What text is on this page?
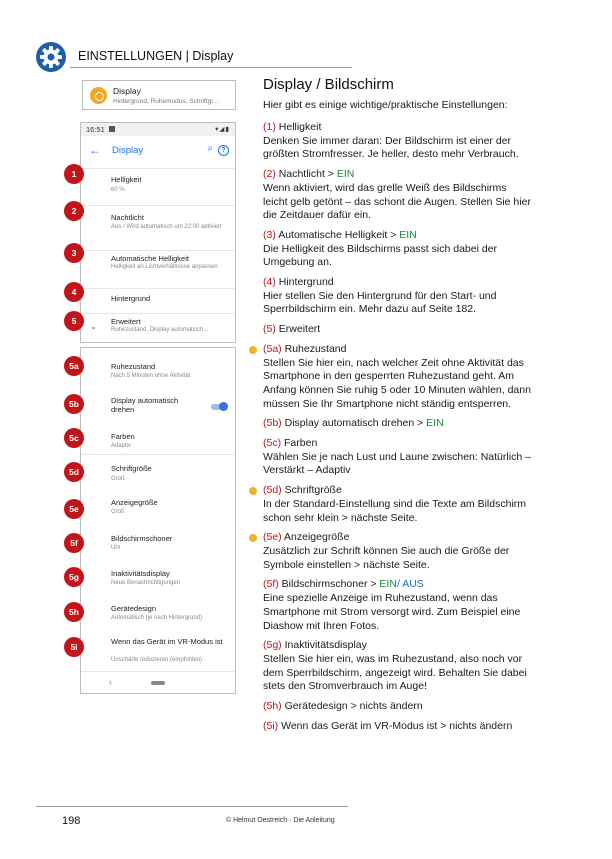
EINSTELLUNGEN | Display
Display
Hintergrund, Ruhemodus, Schriftgr...
16:51	▾◢▮
← Display	⌕	?
Helligkeit
60 %
Nachtlicht
Aus / Wird automatisch um 22:00 aktiviert
Automatische Helligkeit
Helligkeit an Lichtverhältnisse anpassen
Hintergrund
⌄
Erweitert
Ruhezustand, Display automatisch...
Ruhezustand
Nach 5 Minuten ohne Aktivität
Display automatisch drehen
Farben
Adaptiv
Schriftgröße
Groß
Anzeigegröße
Groß
Bildschirmschoner
Uhr
Inaktivitätsdisplay
Neue Benachrichtigungen
Gerätedesign
Automatisch (je nach Hintergrund)
Wenn das Gerät im VR-Modus ist
Unschärfe reduzieren (empfohlen)
‹
1
2
3
4
5
5a
5b
5c
5d
5e
5f
5g
5h
5i
Display / Bildschirm
Hier gibt es einige wichtige/praktische Einstellungen:
(1) Helligkeit
Denken Sie immer daran: Der Bildschirm ist einer der größten Stromfresser. Je heller, desto mehr Verbrauch.
(2) Nachtlicht > EIN
Wenn aktiviert, wird das grelle Weiß des Bildschirms leicht gelb getönt – das schont die Augen. Stellen Sie hier die Zeitdauer dafür ein.
(3) Automatische Helligkeit > EIN
Die Helligkeit des Bildschirms passt sich dabei der Umgebung an.
(4) Hintergrund
Hier stellen Sie den Hintergrund für den Start- und Sperrbildschirm ein. Mehr dazu auf Seite 182.
(5) Erweitert
(5a) Ruhezustand
Stellen Sie hier ein, nach welcher Zeit ohne Aktivität das Smartphone in den gesperrten Ruhezustand geht. Am Anfang können Sie ruhig 5 oder 10 Minuten wählen, dann müssen Sie Ihr Smartphone nicht ständig entsperren.
(5b) Display automatisch drehen > EIN
(5c) Farben
Wählen Sie je nach Lust und Laune zwischen: Natürlich – Verstärkt – Adaptiv
(5d) Schriftgröße
In der Standard-Einstellung sind die Texte am Bildschirm schon sehr klein > nächste Seite.
(5e) Anzeigegröße
Zusätzlich zur Schrift können Sie auch die Größe der Symbole einstellen > nächste Seite.
(5f) Bildschirmschoner > EIN/ AUS
Eine spezielle Anzeige im Ruhezustand, wenn das Smartphone mit Strom versorgt wird. Zum Beispiel eine Diashow mit Ihren Fotos.
(5g) Inaktivitätsdisplay
Stellen Sie hier ein, was im Ruhezustand, also noch vor dem Sperrbildschirm, angezeigt wird. Behalten Sie dabei stets den Stromverbrauch im Auge!
(5h) Gerätedesign > nichts ändern
(5i) Wenn das Gerät im VR-Modus ist > nichts ändern
198	© Helmut Oestreich · Die Anleitung
